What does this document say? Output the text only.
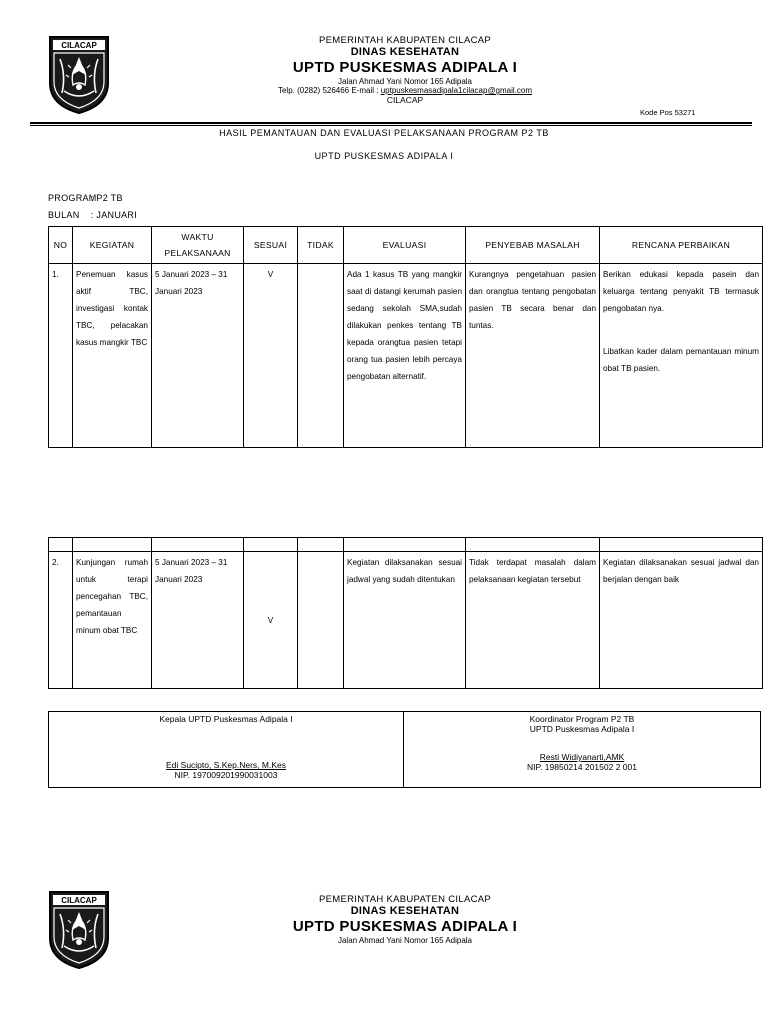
CILACAP	PEMERINTAH KABUPATEN CILACAP
DINAS KESEHATAN
UPTD PUSKESMAS ADIPALA I
Jalan Ahmad Yani Nomor 165 Adipala
Telp. (0282) 526466 E-mail : uptpuskesmasadipala1cilacap@gmail.com
CILACAP
Kode Pos 53271
HASIL PEMANTAUAN DAN EVALUASI PELAKSANAAN PROGRAM P2 TB
UPTD PUSKESMAS ADIPALA I
PROGRAM : P2 TB
BULAN : JANUARI
NO	KEGIATAN	WAKTU PELAKSANAAN	SESUAI	TIDAK	EVALUASI	PENYEBAB MASALAH	RENCANA PERBAIKAN
1.	Penemuan kasus aktif TBC, investigasi kontak TBC, pelacakan kasus mangkir TBC	5 Januari 2023 – 31 Januari 2023	V		Ada 1 kasus TB yang mangkir saat di datangi kerumah pasien sedang sekolah SMA,sudah dilakukan penkes tentang TB kepada orangtua pasien tetapi orang tua pasien lebih percaya pengobatan alternatif.	Kurangnya pengetahuan pasien dan orangtua tentang pengobatan pasien TB secara benar dan tuntas.	Berikan edukasi kepada pasein dan keluarga tentang penyakit TB termasuk pengobatan nya.
Libatkan kader dalam pemantauan minum obat TB pasien.

2.	Kunjungan rumah untuk terapi pencegahan TBC, pemantauan minum obat TBC	5 Januari 2023 – 31 Januari 2023	V		Kegiatan dilaksanakan sesuai jadwal yang sudah ditentukan	Tidak terdapat masalah dalam pelaksanaan kegiatan tersebut	Kegiatan dilaksanakan sesuai jadwal dan berjalan dengan baik
Kepala UPTD Puskesmas Adipala I
Edi Sucipto, S.Kep.Ners, M.Kes
NIP. 197009201990031003
Koordinator Program P2 TB
UPTD Puskesmas Adipala I
Resti Widiyanarti,AMK
NIP. 19850214 201502 2 001
CILACAP	PEMERINTAH KABUPATEN CILACAP
DINAS KESEHATAN
UPTD PUSKESMAS ADIPALA I
Jalan Ahmad Yani Nomor 165 Adipala
